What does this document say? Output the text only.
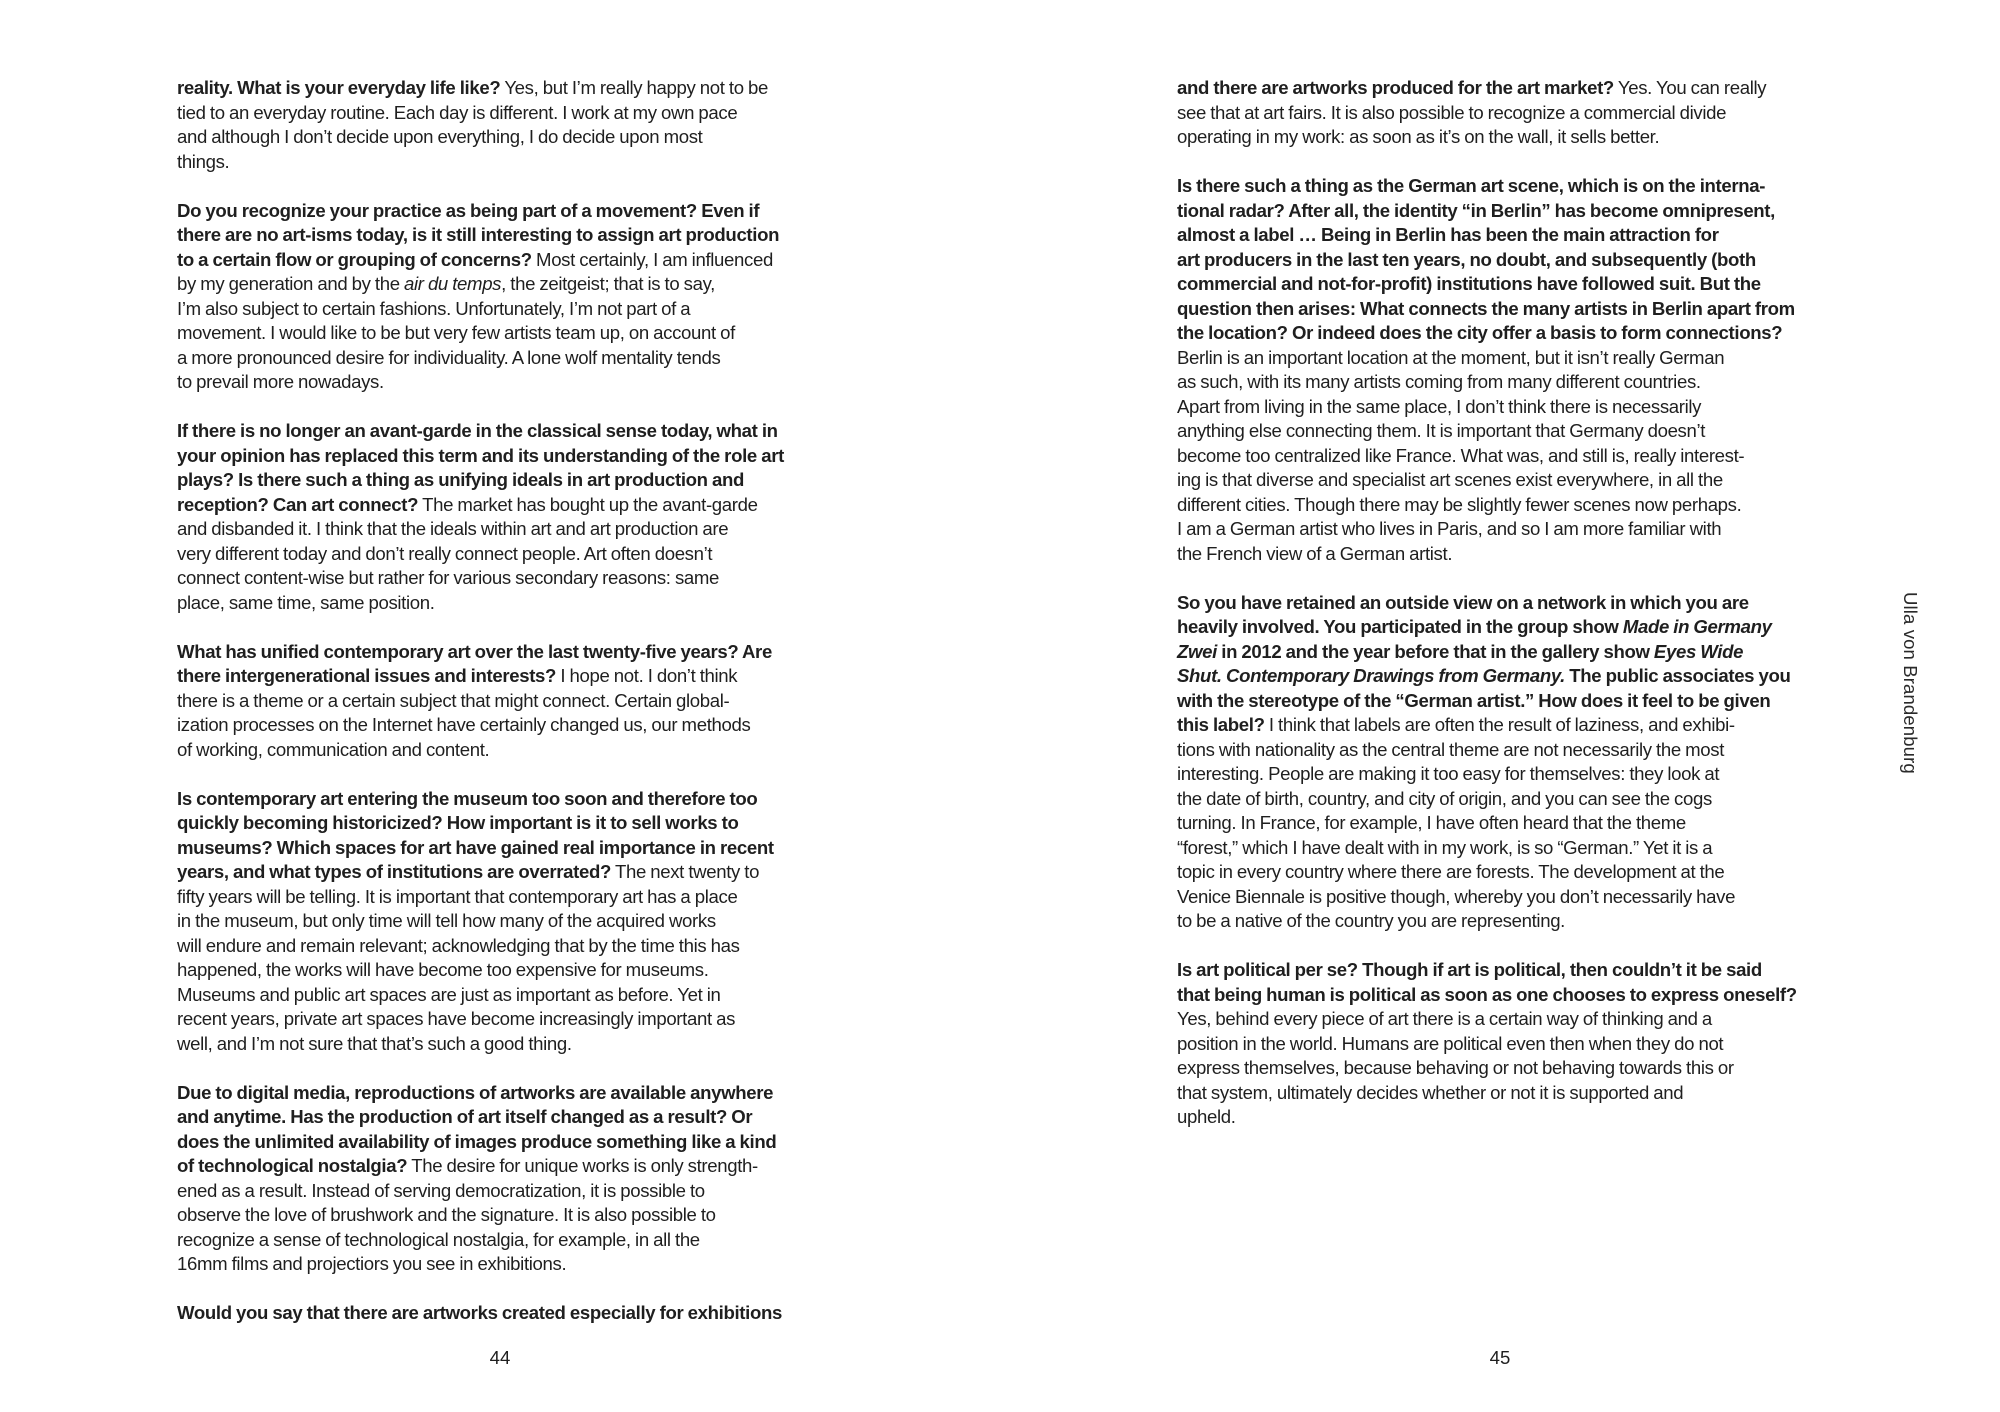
reality. What is your everyday life like? Yes, but I’m really happy not to be
tied to an everyday routine. Each day is different. I work at my own pace
and although I don’t decide upon everything, I do decide upon most
things.
Do you recognize your practice as being part of a movement? Even if
there are no art-isms today, is it still interesting to assign art production
to a certain flow or grouping of concerns? Most certainly, I am influenced
by my generation and by the air du temps, the zeitgeist; that is to say,
I’m also subject to certain fashions. Unfortunately, I’m not part of a
movement. I would like to be but very few artists team up, on account of
a more pronounced desire for individuality. A lone wolf mentality tends
to prevail more nowadays.
If there is no longer an avant-garde in the classical sense today, what in
your opinion has replaced this term and its understanding of the role art
plays? Is there such a thing as unifying ideals in art production and
reception? Can art connect? The market has bought up the avant-garde
and disbanded it. I think that the ideals within art and art production are
very different today and don’t really connect people. Art often doesn’t
connect content-wise but rather for various secondary reasons: same
place, same time, same position.
What has unified contemporary art over the last twenty-five years? Are
there intergenerational issues and interests? I hope not. I don’t think
there is a theme or a certain subject that might connect. Certain global-
ization processes on the Internet have certainly changed us, our methods
of working, communication and content.
Is contemporary art entering the museum too soon and therefore too
quickly becoming historicized? How important is it to sell works to
museums? Which spaces for art have gained real importance in recent
years, and what types of institutions are overrated? The next twenty to
fifty years will be telling. It is important that contemporary art has a place
in the museum, but only time will tell how many of the acquired works
will endure and remain relevant; acknowledging that by the time this has
happened, the works will have become too expensive for museums.
Museums and public art spaces are just as important as before. Yet in
recent years, private art spaces have become increasingly important as
well, and I’m not sure that that’s such a good thing.
Due to digital media, reproductions of artworks are available anywhere
and anytime. Has the production of art itself changed as a result? Or
does the unlimited availability of images produce something like a kind
of technological nostalgia? The desire for unique works is only strength-
ened as a result. Instead of serving democratization, it is possible to
observe the love of brushwork and the signature. It is also possible to
recognize a sense of technological nostalgia, for example, in all the
16mm films and projectiors you see in exhibitions.
Would you say that there are artworks created especially for exhibitions
44
and there are artworks produced for the art market? Yes. You can really
see that at art fairs. It is also possible to recognize a commercial divide
operating in my work: as soon as it’s on the wall, it sells better.
Is there such a thing as the German art scene, which is on the interna-
tional radar? After all, the identity “in Berlin” has become omnipresent,
almost a label … Being in Berlin has been the main attraction for
art producers in the last ten years, no doubt, and subsequently (both
commercial and not-for-profit) institutions have followed suit. But the
question then arises: What connects the many artists in Berlin apart from
the location? Or indeed does the city offer a basis to form connections?
Berlin is an important location at the moment, but it isn’t really German
as such, with its many artists coming from many different countries.
Apart from living in the same place, I don’t think there is necessarily
anything else connecting them. It is important that Germany doesn’t
become too centralized like France. What was, and still is, really interest-
ing is that diverse and specialist art scenes exist everywhere, in all the
different cities. Though there may be slightly fewer scenes now perhaps.
I am a German artist who lives in Paris, and so I am more familiar with
the French view of a German artist.
So you have retained an outside view on a network in which you are
heavily involved. You participated in the group show Made in Germany
Zwei in 2012 and the year before that in the gallery show Eyes Wide
Shut. Contemporary Drawings from Germany. The public associates you
with the stereotype of the “German artist.” How does it feel to be given
this label? I think that labels are often the result of laziness, and exhibi-
tions with nationality as the central theme are not necessarily the most
interesting. People are making it too easy for themselves: they look at
the date of birth, country, and city of origin, and you can see the cogs
turning. In France, for example, I have often heard that the theme
“forest,” which I have dealt with in my work, is so “German.” Yet it is a
topic in every country where there are forests. The development at the
Venice Biennale is positive though, whereby you don’t necessarily have
to be a native of the country you are representing.
Is art political per se? Though if art is political, then couldn’t it be said
that being human is political as soon as one chooses to express oneself?
Yes, behind every piece of art there is a certain way of thinking and a
position in the world. Humans are political even then when they do not
express themselves, because behaving or not behaving towards this or
that system, ultimately decides whether or not it is supported and
upheld.
45
Ulla von Brandenburg
